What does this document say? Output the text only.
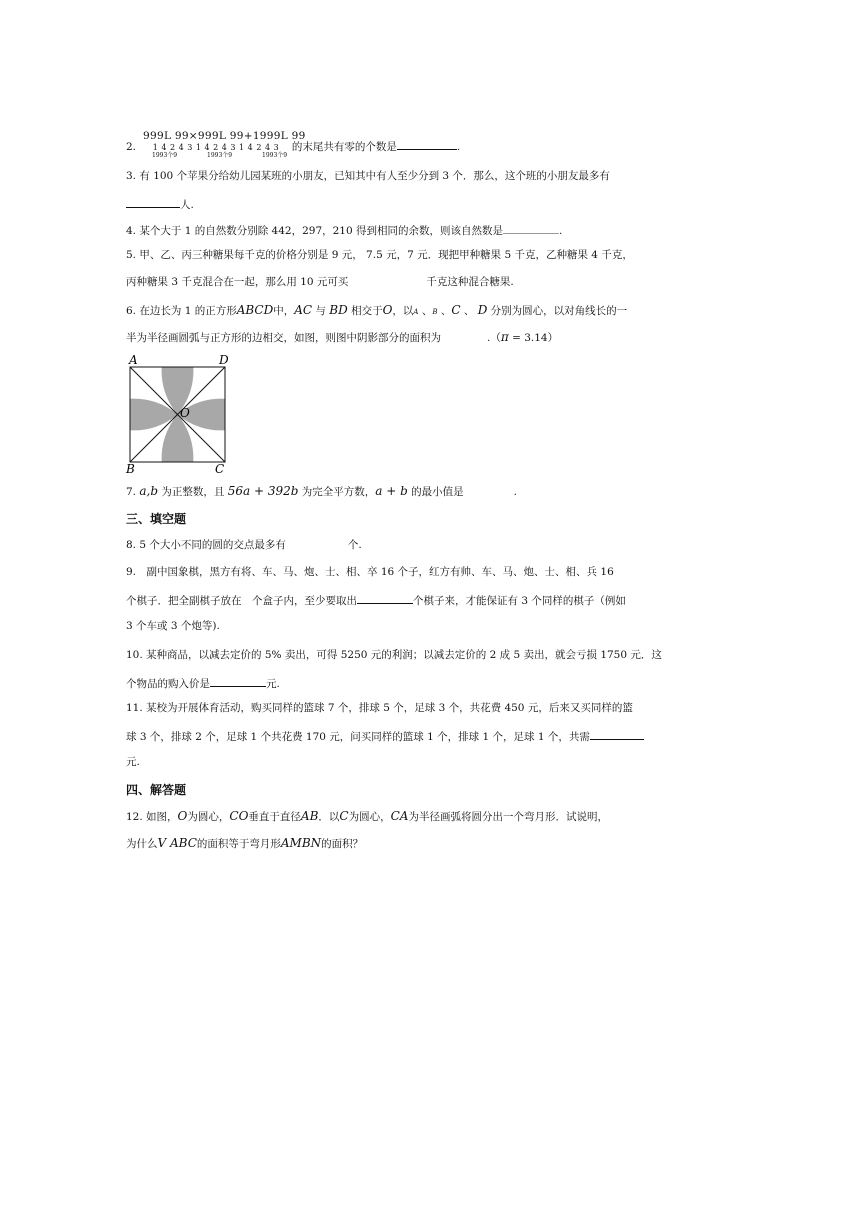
999L 99×999L 99+1999L 99
2. 1 4 2 4 3 1 4 2 4 3 1 4 2 4 3 的末尾共有零的个数是	.
1993个9	1993个9	1993个9
3. 有 100 个苹果分给幼儿园某班的小朋友，已知其中有人至少分到 3 个．那么，这个班的小朋友最多有
人.
4. 某个大于 1 的自然数分别除 442，297，210 得到相同的余数，则该自然数是	.
5. 甲、乙、丙三种糖果每千克的价格分别是 9 元， 7.5 元，7 元．现把甲种糖果 5 千克，乙种糖果 4 千克，
丙种糖果 3 千克混合在一起，那么用 10 元可买	千克这种混合糖果.
6. 在边长为 1 的正方形ABCD中，AC 与 BD 相交于O，以A 、B 、C 、 D 分别为圆心，以对角线长的一
半为半径画圆弧与正方形的边相交，如图，则图中阴影部分的面积为	.（π = 3.14）
A	D
B	C
O
7. a,b 为正整数，且 56a + 392b 为完全平方数，a + b 的最小值是	.
三、填空题
8. 5 个大小不同的圆的交点最多有	个.
9.　副中国象棋，黑方有将、车、马、炮、士、相、卒 16 个子，红方有帅、车、马、炮、士、相、兵 16
个棋子．把全副棋子放在　个盒子内，至少要取出	个棋子来，才能保证有 3 个同样的棋子（例如
3 个车或 3 个炮等).
10. 某种商品，以减去定价的 5% 卖出，可得 5250 元的利润；以减去定价的 2 成 5 卖出，就会亏损 1750 元．这
个物品的购入价是	元.
11. 某校为开展体育活动，购买同样的篮球 7 个，排球 5 个，足球 3 个，共花费 450 元，后来又买同样的篮
球 3 个，排球 2 个，足球 1 个共花费 170 元，问买同样的篮球 1 个，排球 1 个，足球 1 个，共需
元.
四、解答题
12. 如图，O为圆心，CO垂直于直径AB．以C为圆心，CA为半径画弧将圆分出一个弯月形．试说明，
为什么V ABC的面积等于弯月形AMBN的面积？
